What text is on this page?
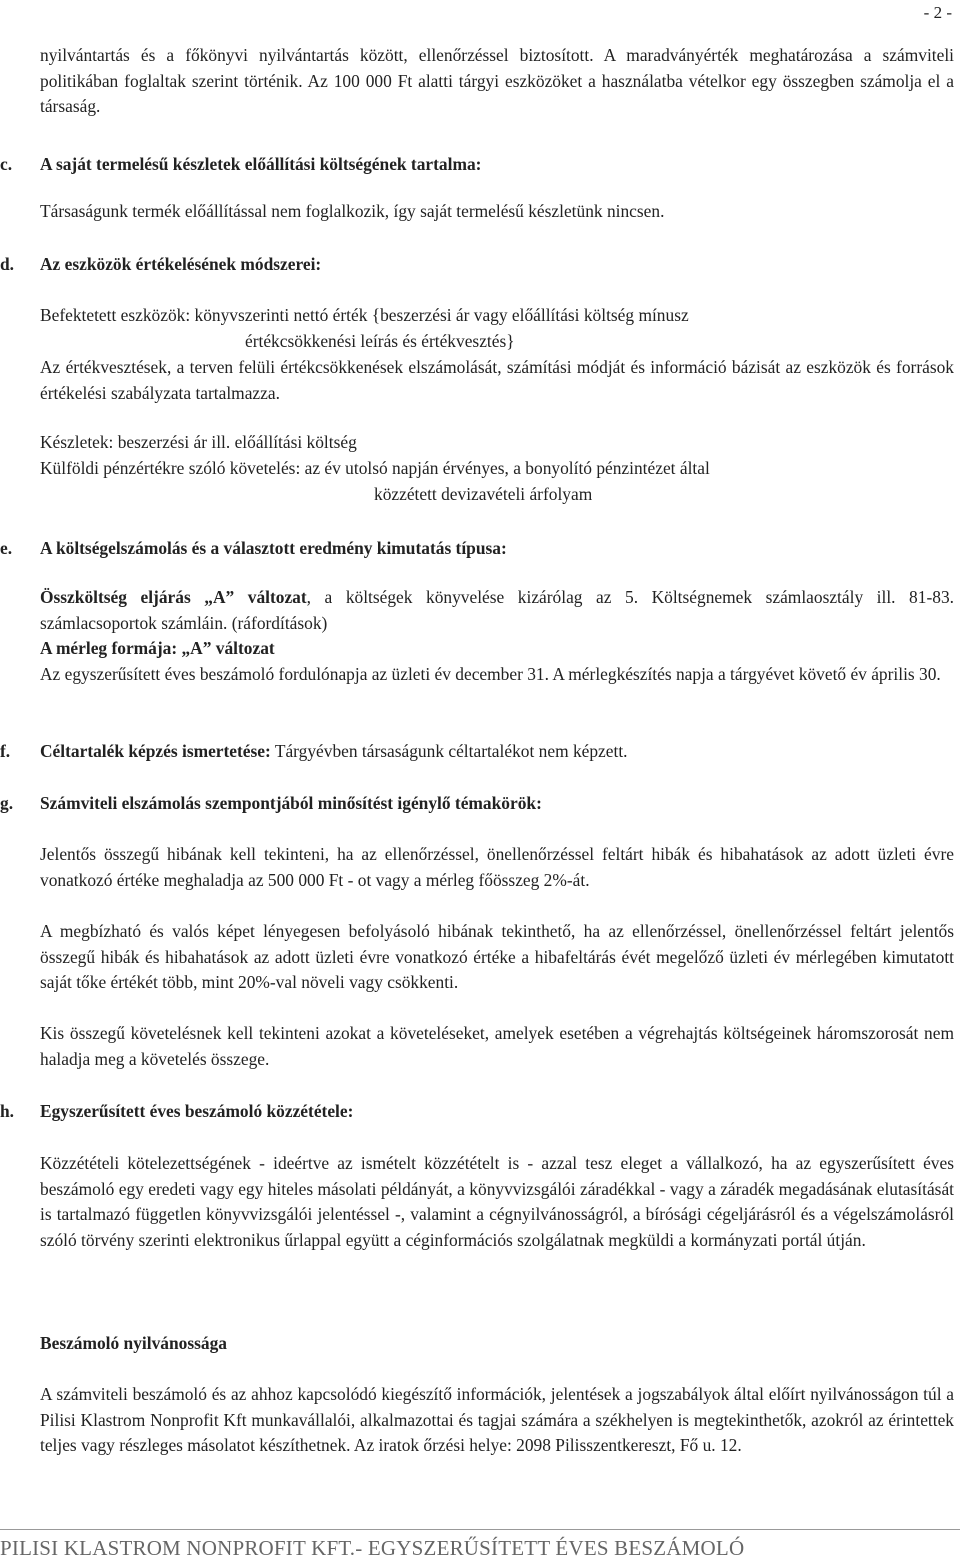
- 2 -

nyilvántartás és a főkönyvi nyilvántartás között, ellenőrzéssel biztosított. A maradványérték meghatározása a számviteli politikában foglaltak szerint történik. Az 100 000 Ft alatti tárgyi eszközöket a használatba vételkor egy összegben számolja el a társaság.

c. A saját termelésű készletek előállítási költségének tartalma:

Társaságunk termék előállítással nem foglalkozik, így saját termelésű készletünk nincsen.

d. Az eszközök értékelésének módszerei:
Befektetett eszközök: könyvszerinti nettó érték {beszerzési ár vagy előállítási költség mínusz
értékcsökkenési leírás és értékvesztés}

Az értékvesztések, a terven felüli értékcsökkenések elszámolását, számítási módját és információ bázisát az eszközök és források értékelési szabályzata tartalmazza.

Készletek: beszerzési ár ill. előállítási költség
Külföldi pénzértékre szóló követelés: az év utolsó napján érvényes, a bonyolító pénzintézet által
közzétett devizavételi árfolyam
e. A költségelszámolás és a választott eredmény kimutatás típusa:

Összköltség eljárás „A” változat, a költségek könyvelése kizárólag az 5. Költségnemek számlaosztály ill. 81-83. számlacsoportok számláin. (ráfordítások)

A mérleg formája: „A” változat

Az egyszerűsített éves beszámoló fordulónapja az üzleti év december 31. A mérlegkészítés napja a tárgyévet követő év április 30.

f. Céltartalék képzés ismertetése: Tárgyévben társaságunk céltartalékot nem képzett.
g. Számviteli elszámolás szempontjából minősítést igénylő témakörök:

Jelentős összegű hibának kell tekinteni, ha az ellenőrzéssel, önellenőrzéssel feltárt hibák és hibahatások az adott üzleti évre vonatkozó értéke meghaladja az 500 000 Ft - ot vagy a mérleg főösszeg 2%-át.

A megbízható és valós képet lényegesen befolyásoló hibának tekinthető, ha az ellenőrzéssel, önellenőrzéssel feltárt jelentős összegű hibák és hibahatások az adott üzleti évre vonatkozó értéke a hibafeltárás évét megelőző üzleti év mérlegében kimutatott saját tőke értékét több, mint 20%-val növeli vagy csökkenti.

Kis összegű követelésnek kell tekinteni azokat a követeléseket, amelyek esetében a végrehajtás költségeinek háromszorosát nem haladja meg a követelés összege.

h. Egyszerűsített éves beszámoló közzététele:

Közzétételi kötelezettségének - ideértve az ismételt közzétételt is - azzal tesz eleget a vállalkozó, ha az egyszerűsített éves beszámoló egy eredeti vagy egy hiteles másolati példányát, a könyvvizsgálói záradékkal - vagy a záradék megadásának elutasítását is tartalmazó független könyvvizsgálói jelentéssel -, valamint a cégnyilvánosságról, a bírósági cégeljárásról és a végelszámolásról szóló törvény szerinti elektronikus űrlappal együtt a céginformációs szolgálatnak megküldi a kormányzati portál útján.

Beszámoló nyilvánossága

A számviteli beszámoló és az ahhoz kapcsolódó kiegészítő információk, jelentések a jogszabályok által előírt nyilvánosságon túl a Pilisi Klastrom Nonprofit Kft munkavállalói, alkalmazottai és tagjai számára a székhelyen is megtekinthetők, azokról az érintettek teljes vagy részleges másolatot készíthetnek. Az iratok őrzési helye: 2098 Pilisszentkereszt, Fő u. 12.

PILISI KLASTROM NONPROFIT KFT.- EGYSZERŰSÍTETT ÉVES BESZÁMOLÓ
